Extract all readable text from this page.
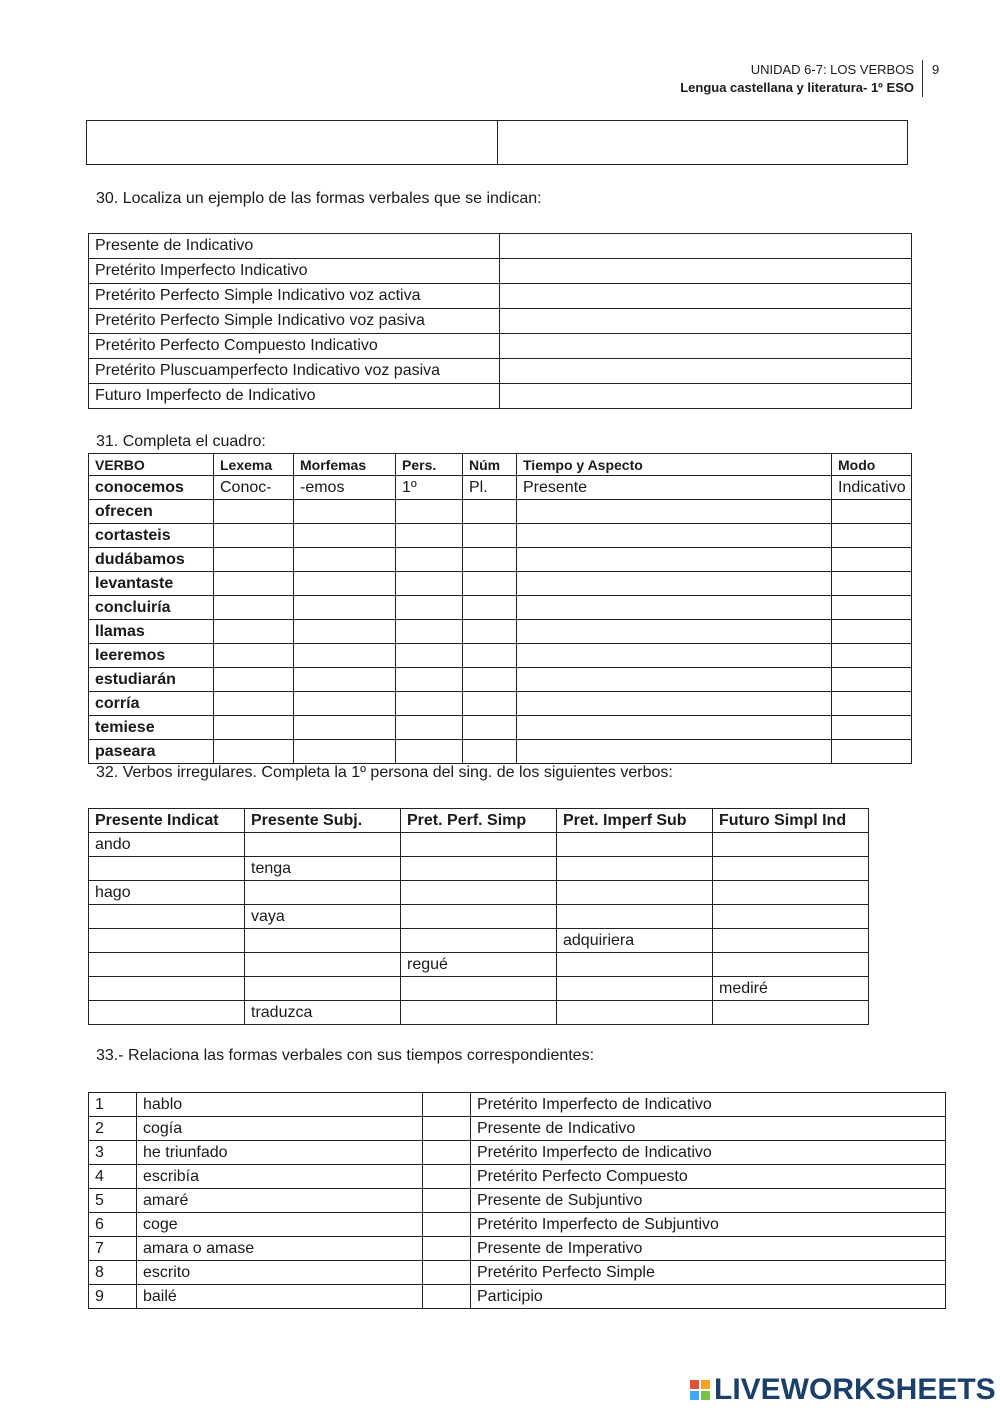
UNIDAD 6-7: LOS VERBOS
Lengua castellana y literatura- 1º ESO
9

30. Localiza un ejemplo de las formas verbales que se indican:
Presente de Indicativo	
Pretérito Imperfecto Indicativo	
Pretérito Perfecto Simple Indicativo voz activa	
Pretérito Perfecto Simple Indicativo voz pasiva	
Pretérito Perfecto Compuesto Indicativo	
Pretérito Pluscuamperfecto Indicativo voz pasiva	
Futuro Imperfecto de Indicativo	
31. Completa el cuadro:
VERBO	Lexema	Morfemas	Pers.	Núm	Tiempo y Aspecto	Modo
conocemos	Conoc-	-emos	1º	Pl.	Presente	Indicativo
ofrecen						
cortasteis						
dudábamos						
levantaste						
concluiría						
llamas						
leeremos						
estudiarán						
corría						
temiese						
paseara						
32. Verbos irregulares. Completa la 1º persona del sing. de los siguientes verbos:
Presente Indicat	Presente Subj.	Pret. Perf. Simp	Pret. Imperf Sub	Futuro Simpl Ind
ando				
	tenga			
hago				
	vaya			
			adquiriera	
		regué		
				mediré
	traduzca			
33.- Relaciona las formas verbales con sus tiempos correspondientes:
1	hablo		Pretérito Imperfecto de Indicativo
2	cogía		Presente de Indicativo
3	he triunfado		Pretérito Imperfecto de Indicativo
4	escribía		Pretérito Perfecto Compuesto
5	amaré		Presente de Subjuntivo
6	coge		Pretérito Imperfecto de Subjuntivo
7	amara o amase		Presente de Imperativo
8	escrito		Pretérito Perfecto Simple
9	bailé		Participio
LIVEWORKSHEETS
